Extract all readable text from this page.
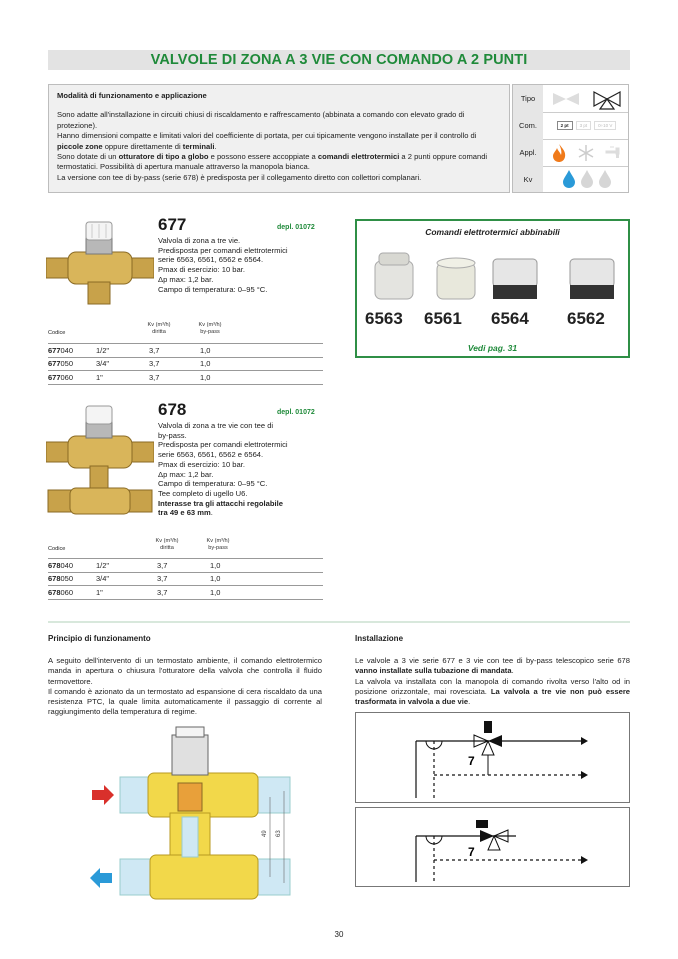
VALVOLE DI ZONA A 3 VIE CON COMANDO A 2 PUNTI
Modalità di funzionamento e applicazione

Sono adatte all'installazione in circuiti chiusi di riscaldamento e raffrescamento (abbinata a comando con elevato grado di protezione).

Hanno dimensioni compatte e limitati valori del coefficiente di portata, per cui tipicamente vengono installate per il controllo di piccole zone oppure direttamente di terminali.

Sono dotate di un otturatore di tipo a globo e possono essere accoppiate a comandi elettrotermici a 2 punti oppure comandi termostatici. Possibilità di apertura manuale attraverso la manopola bianca.

La versione con tee di by-pass (serie 678) è predisposta per il collegamento diretto con collettori complanari.

Tipo
Com.	2 pt	3 pt	0÷10 V
Appl.
Kv
677	depl. 01072
Valvola di zona a tre vie.
Predisposta per comandi elettrotermici
serie 6563, 6561, 6562 e 6564.
Pmax di esercizio: 10 bar.
Δp max: 1,2 bar.
Campo di temperatura: 0–95 °C.
Kv (m³/h)
diritta
Kv (m³/h)
by-pass
Codice
677040	1/2"	3,7	1,0
677050	3/4"	3,7	1,0
677060	1"	3,7	1,0
Comandi elettrotermici abbinabili
6563 6561 6564 6562
Vedi pag. 31
678	depl. 01072
Valvola di zona a tre vie con tee di
by-pass.
Predisposta per comandi elettrotermici
serie 6563, 6561, 6562 e 6564.
Pmax di esercizio: 10 bar.
Δp max: 1,2 bar.
Campo di temperatura: 0–95 °C.
Tee completo di ugello U6.
Interasse tra gli attacchi regolabile
tra 49 e 63 mm.
Kv (m³/h)
diritta
Kv (m³/h)
by-pass
Codice
678040	1/2"	3,7	1,0
678050	3/4"	3,7	1,0
678060	1"	3,7	1,0
Principio di funzionamento
A seguito dell'intervento di un termostato ambiente, il comando elettrotermico manda in apertura o chiusura l'otturatore della valvola che controlla il fluido termovettore.
Il comando è azionato da un termostato ad espansione di cera riscaldato da una resistenza PTC, la quale limita automaticamente il passaggio di corrente al raggiungimento della temperatura di regime.
49 63
Installazione
Le valvole a 3 vie serie 677 e 3 vie con tee di by-pass telescopico serie 678 vanno installate sulla tubazione di mandata.
La valvola va installata con la manopola di comando rivolta verso l'alto od in posizione orizzontale, mai rovesciata. La valvola a tre vie non può essere trasformata in valvola a due vie.
7
7
30
